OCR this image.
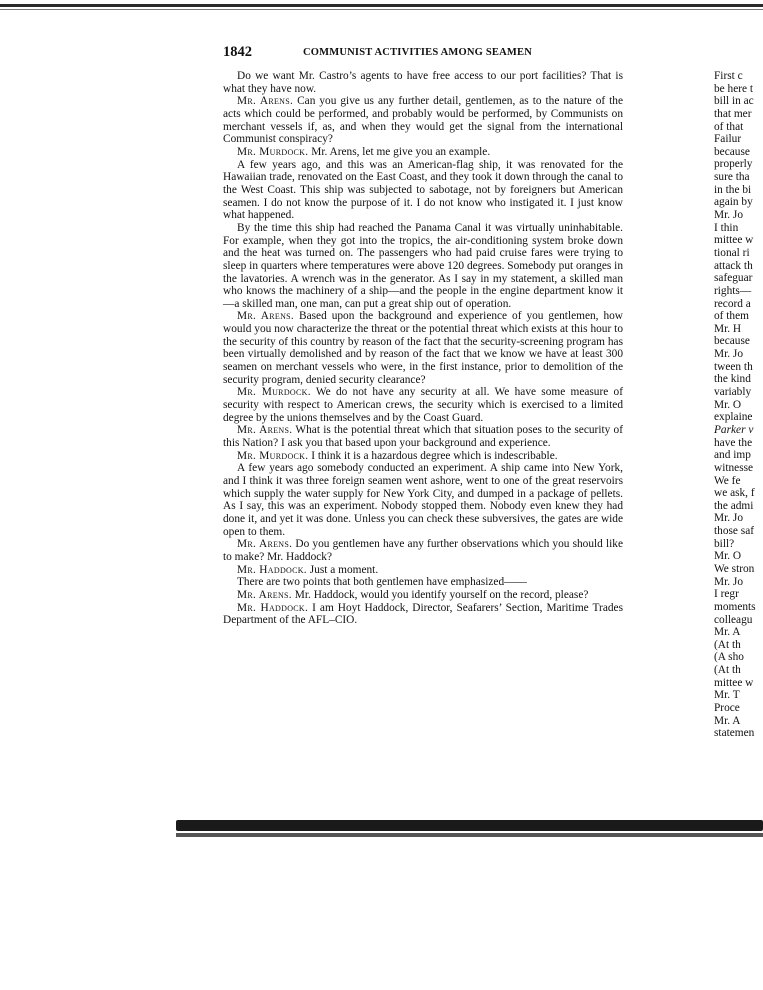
1842	COMMUNIST ACTIVITIES AMONG SEAMEN

Do we want Mr. Castro’s agents to have free access to our port facilities? That is what they have now.

Mr. Arens. Can you give us any further detail, gentlemen, as to the nature of the acts which could be performed, and probably would be performed, by Communists on merchant vessels if, as, and when they would get the signal from the international Communist conspiracy?

Mr. Murdock. Mr. Arens, let me give you an example.

A few years ago, and this was an American-flag ship, it was renovated for the Hawaiian trade, renovated on the East Coast, and they took it down through the canal to the West Coast. This ship was subjected to sabotage, not by foreigners but American seamen. I do not know the purpose of it. I do not know who instigated it. I just know what happened.

By the time this ship had reached the Panama Canal it was virtually uninhabitable. For example, when they got into the tropics, the air-conditioning system broke down and the heat was turned on. The passengers who had paid cruise fares were trying to sleep in quarters where temperatures were above 120 degrees. Somebody put oranges in the lavatories. A wrench was in the generator. As I say in my statement, a skilled man who knows the machinery of a ship—and the people in the engine department know it—a skilled man, one man, can put a great ship out of operation.

Mr. Arens. Based upon the background and experience of you gentlemen, how would you now characterize the threat or the potential threat which exists at this hour to the security of this country by reason of the fact that the security-screening program has been virtually demolished and by reason of the fact that we know we have at least 300 seamen on merchant vessels who were, in the first instance, prior to demolition of the security program, denied security clearance?

Mr. Murdock. We do not have any security at all. We have some measure of security with respect to American crews, the security which is exercised to a limited degree by the unions themselves and by the Coast Guard.

Mr. Arens. What is the potential threat which that situation poses to the security of this Nation? I ask you that based upon your background and experience.

Mr. Murdock. I think it is a hazardous degree which is indescribable.

A few years ago somebody conducted an experiment. A ship came into New York, and I think it was three foreign seamen went ashore, went to one of the great reservoirs which supply the water supply for New York City, and dumped in a package of pellets. As I say, this was an experiment. Nobody stopped them. Nobody even knew they had done it, and yet it was done. Unless you can check these subversives, the gates are wide open to them.

Mr. Arens. Do you gentlemen have any further observations which you should like to make? Mr. Haddock?

Mr. Haddock. Just a moment.

There are two points that both gentlemen have emphasized——

Mr. Arens. Mr. Haddock, would you identify yourself on the record, please?

Mr. Haddock. I am Hoyt Haddock, Director, Seafarers’ Section, Maritime Trades Department of the AFL–CIO.

First c
be here t
bill in ac
that mer
of that
Failur
because
properly
sure tha
in the bi
again by
Mr. Jo
I thin
mittee w
tional ri
attack th
safeguar
rights—
record a
of them
Mr. H
because
Mr. Jo
tween th
the kind
variably
Mr. O
explaine
Parker v
have the
and imp
witnesse
We fe
we ask, f
the admi
Mr. Jo
those saf
bill?
Mr. O
We stron
Mr. Jo
I regr
moments
colleagu
Mr. A
(At th
(A sho
(At th
mittee w
Mr. T
Proce
Mr. A
statemen
